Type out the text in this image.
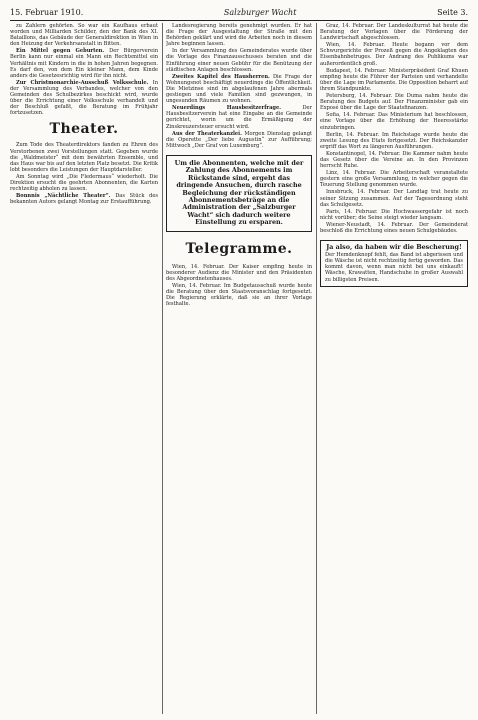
15. Februar 1910.	Salzburger Wacht	Seite 3.

zu Zahlern gehörten. So war ein Kaufhaus erbaut worden und Milliarden Schilder, den der Bank des XI. Bataillons, das Gebäude der Generaldirektion in Wien in den Heizung der Verkehrsanstalt in Bitten.

Ein Mittel gegen Geburten. Der Bürgerverein Berlin kann nur einmal ein Mann ein Rechtsmittel ein Verhältnis mit Kindern in die in hohen Jahren begegnen. Es darf den, von dem Ein kleiner Mann, dem Kinde anders die Gesetzesrichtig wird für ihn nicht.

Zur Christmonarchie-Ausschuß Volksschule. In der Versammlung des Verbandes, welcher von den Gemeinden des Schulbezirkes beschickt wird, wurde über die Errichtung einer Volksschule verhandelt und der Beschluß gefaßt, die Beratung im Frühjahr fortzusetzen.

Theater.

Zum Tode des Theaterdirektors fanden zu Ehren des Verstorbenen zwei Vorstellungen statt. Gegeben wurde die „Waldmeister“ mit dem bewährten Ensemble, und das Haus war bis auf den letzten Platz besetzt. Die Kritik lobt besonders die Leistungen der Hauptdarsteller.

Am Sonntag wird „Die Fledermaus“ wiederholt. Die Direktion ersucht die geehrten Abonnenten, die Karten rechtzeitig abholen zu lassen.

Bonnnis „Nächtliche Theater“. Das Stück des bekannten Autors gelangt Montag zur Erstaufführung.

Landesregierung bereits genehmigt wurden. Er hat die Frage der Ausgestaltung der Straße mit den Behörden geklärt und wird die Arbeiten noch in diesem Jahre beginnen lassen.

In der Versammlung des Gemeinderates wurde über die Vorlage des Finanzausschusses beraten und die Einführung einer neuen Gebühr für die Benützung der städtischen Anlagen beschlossen.

Zweites Kapitel des Hausherren. Die Frage der Wohnungsnot beschäftigt neuerdings die Öffentlichkeit. Die Mietzinse sind im abgelaufenen Jahre abermals gestiegen und viele Familien sind gezwungen, in ungesunden Räumen zu wohnen.

Neuerdings Hausbesitzerfrage.	Der Hausbesitzerverein hat eine Eingabe an die Gemeinde gerichtet, worin um die Ermäßigung der Zinskreuzersteuer ersucht wird.

Aus der Theaterkanzlei. Morgen Dienstag gelangt die Operette „Der liebe Augustin“ zur Aufführung; Mittwoch „Der Graf von Luxemburg“.

Um die Abonnenten, welche mit der Zahlung des Abonnements im Rückstande sind, ergeht das dringende Ansuchen, durch rasche Begleichung der rückständigen Abonnementsbeträge an die Administration der „Salzburger Wacht“ sich dadurch weitere Einstellung zu ersparen.
Telegramme.

Wien, 14. Februar. Der Kaiser empfing heute in besonderer Audienz die Minister und den Präsidenten des Abgeordnetenhauses.

Wien, 14. Februar. Im Budgetausschuß wurde heute die Beratung über den Staatsvoranschlag fortgesetzt. Die Regierung erklärte, daß sie an ihrer Vorlage festhalte.

Graz, 14. Februar. Der Landeskulturrat hat heute die Beratung der Vorlagen über die Förderung der Landwirtschaft abgeschlossen.

Wien, 14. Februar. Heute begann vor dem Schwurgerichte der Prozeß gegen die Angeklagten des Eisenbahnbetruges. Der Andrang des Publikums war außerordentlich groß.

Budapest, 14. Februar. Ministerpräsident Graf Khuen empfing heute die Führer der Parteien und verhandelte über die Lage im Parlamente. Die Opposition beharrt auf ihrem Standpunkte.

Petersburg, 14. Februar. Die Duma nahm heute die Beratung des Budgets auf. Der Finanzminister gab ein Exposé über die Lage der Staatsfinanzen.

Sofia, 14. Februar. Das Ministerium hat beschlossen, eine Vorlage über die Erhöhung der Heeresstärke einzubringen.

Berlin, 14. Februar. Im Reichstage wurde heute die zweite Lesung des Etats fortgesetzt. Der Reichskanzler ergriff das Wort zu längeren Ausführungen.

Konstantinopel, 14. Februar. Die Kammer nahm heute das Gesetz über die Vereine an. In den Provinzen herrscht Ruhe.

Linz, 14. Februar. Die Arbeiterschaft veranstaltete gestern eine große Versammlung, in welcher gegen die Teuerung Stellung genommen wurde.

Innsbruck, 14. Februar. Der Landtag trat heute zu seiner Sitzung zusammen. Auf der Tagesordnung steht das Schulgesetz.

Paris, 14. Februar. Die Hochwassergefahr ist noch nicht vorüber; die Seine steigt wieder langsam.

Wiener-Neustadt, 14. Februar. Der Gemeinderat beschloß die Errichtung eines neuen Schulgebäudes.

Ja also, da haben wir die Bescherung!
Der Hemdenknopf fehlt, das Band ist abgerissen und die Wäsche ist nicht rechtzeitig fertig geworden. Das kommt davon, wenn man nicht bei uns einkauft! Wäsche, Krawatten, Handschuhe in großer Auswahl zu billigsten Preisen.
